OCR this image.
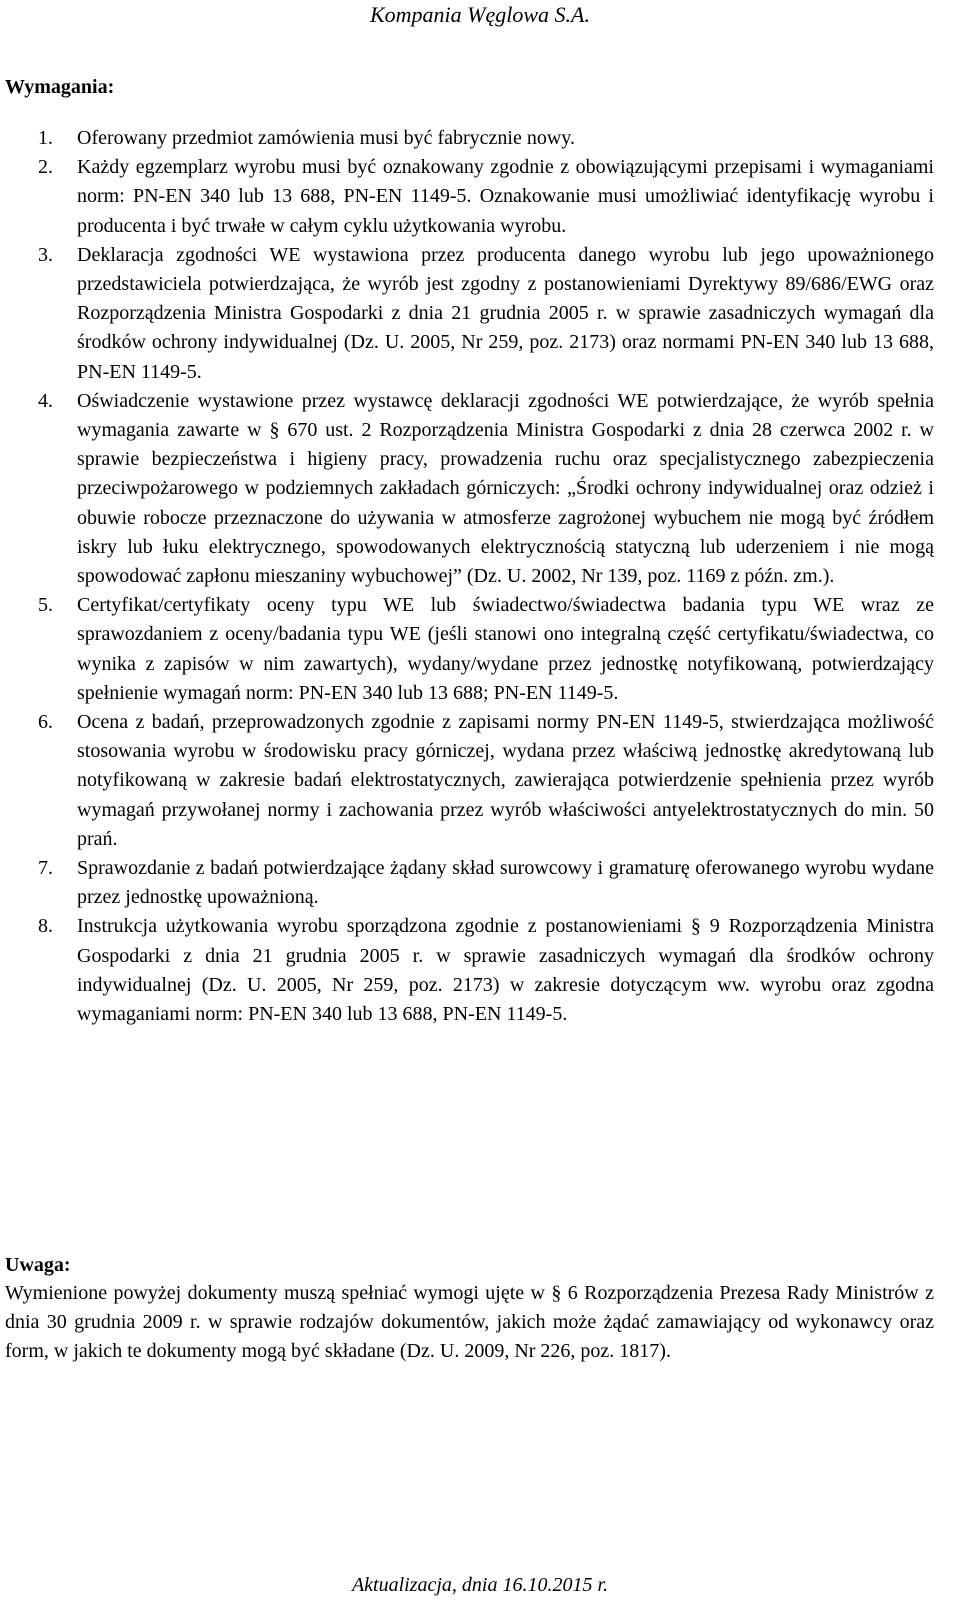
Kompania Węglowa S.A.
Wymagania:
1. Oferowany przedmiot zamówienia musi być fabrycznie nowy.
2. Każdy egzemplarz wyrobu musi być oznakowany zgodnie z obowiązującymi przepisami i wymaganiami norm: PN-EN 340 lub 13 688, PN-EN 1149-5. Oznakowanie musi umożliwiać identyfikację wyrobu i producenta i być trwałe w całym cyklu użytkowania wyrobu.
3. Deklaracja zgodności WE wystawiona przez producenta danego wyrobu lub jego upoważnionego przedstawiciela potwierdzająca, że wyrób jest zgodny z postanowieniami Dyrektywy 89/686/EWG oraz Rozporządzenia Ministra Gospodarki z dnia 21 grudnia 2005 r. w sprawie zasadniczych wymagań dla środków ochrony indywidualnej (Dz. U. 2005, Nr 259, poz. 2173) oraz normami PN-EN 340 lub 13 688, PN-EN 1149-5.
4. Oświadczenie wystawione przez wystawcę deklaracji zgodności WE potwierdzające, że wyrób spełnia wymagania zawarte w § 670 ust. 2 Rozporządzenia Ministra Gospodarki z dnia 28 czerwca 2002 r. w sprawie bezpieczeństwa i higieny pracy, prowadzenia ruchu oraz specjalistycznego zabezpieczenia przeciwpożarowego w podziemnych zakładach górniczych: „Środki ochrony indywidualnej oraz odzież i obuwie robocze przeznaczone do używania w atmosferze zagrożonej wybuchem nie mogą być źródłem iskry lub łuku elektrycznego, spowodowanych elektrycznością statyczną lub uderzeniem i nie mogą spowodować zapłonu mieszaniny wybuchowej” (Dz. U. 2002, Nr 139, poz. 1169 z późn. zm.).
5. Certyfikat/certyfikaty oceny typu WE lub świadectwo/świadectwa badania typu WE wraz ze sprawozdaniem z oceny/badania typu WE (jeśli stanowi ono integralną część certyfikatu/świadectwa, co wynika z zapisów w nim zawartych), wydany/wydane przez jednostkę notyfikowaną, potwierdzający spełnienie wymagań norm: PN-EN 340 lub 13 688; PN-EN 1149-5.
6. Ocena z badań, przeprowadzonych zgodnie z zapisami normy PN-EN 1149-5, stwierdzająca możliwość stosowania wyrobu w środowisku pracy górniczej, wydana przez właściwą jednostkę akredytowaną lub notyfikowaną w zakresie badań elektrostatycznych, zawierająca potwierdzenie spełnienia przez wyrób wymagań przywołanej normy i zachowania przez wyrób właściwości antyelektrostatycznych do min. 50 prań.
7. Sprawozdanie z badań potwierdzające żądany skład surowcowy i gramaturę oferowanego wyrobu wydane przez jednostkę upoważnioną.
8. Instrukcja użytkowania wyrobu sporządzona zgodnie z postanowieniami § 9 Rozporządzenia Ministra Gospodarki z dnia 21 grudnia 2005 r. w sprawie zasadniczych wymagań dla środków ochrony indywidualnej (Dz. U. 2005, Nr 259, poz. 2173) w zakresie dotyczącym ww. wyrobu oraz zgodna wymaganiami norm: PN-EN 340 lub 13 688, PN-EN 1149-5.
Uwaga:
Wymienione powyżej dokumenty muszą spełniać wymogi ujęte w § 6 Rozporządzenia Prezesa Rady Ministrów z dnia 30 grudnia 2009 r. w sprawie rodzajów dokumentów, jakich może żądać zamawiający od wykonawcy oraz form, w jakich te dokumenty mogą być składane (Dz. U. 2009, Nr 226, poz. 1817).
Aktualizacja, dnia 16.10.2015 r.
